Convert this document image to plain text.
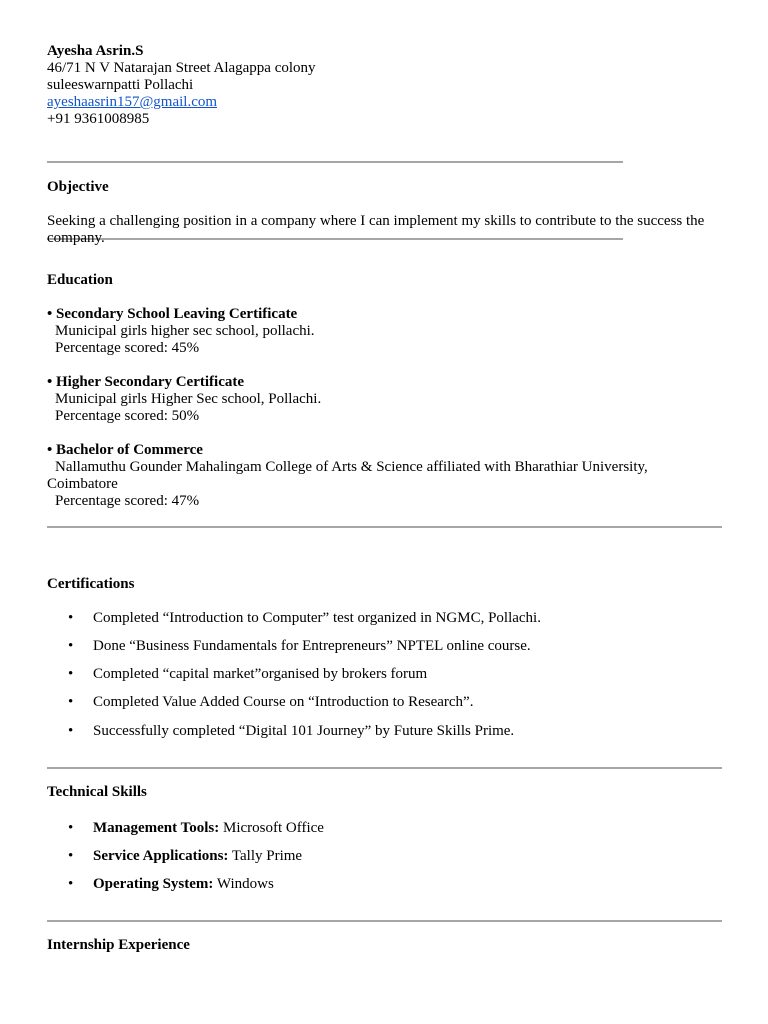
Ayesha Asrin.S
46/71 N V Natarajan Street Alagappa colony
suleeswarnpatti Pollachi
ayeshaasrin157@gmail.com
+91 9361008985
Objective
Seeking a challenging position in a company where I can implement my skills to contribute to the success the company.
Education
• Secondary School Leaving Certificate
Municipal girls higher sec school, pollachi.
Percentage scored: 45%
• Higher Secondary Certificate
Municipal girls Higher Sec school, Pollachi.
Percentage scored: 50%
• Bachelor of Commerce
Nallamuthu Gounder Mahalingam College of Arts & Science affiliated with Bharathiar University,
Coimbatore
Percentage scored: 47%
Certifications
• Completed “Introduction to Computer” test organized in NGMC, Pollachi.
• Done “Business Fundamentals for Entrepreneurs” NPTEL online course.
• Completed “capital market”organised by brokers forum
• Completed Value Added Course on “Introduction to Research”.
• Successfully completed “Digital 101 Journey” by Future Skills Prime.
Technical Skills
• Management Tools: Microsoft Office
• Service Applications: Tally Prime
• Operating System: Windows
Internship Experience
